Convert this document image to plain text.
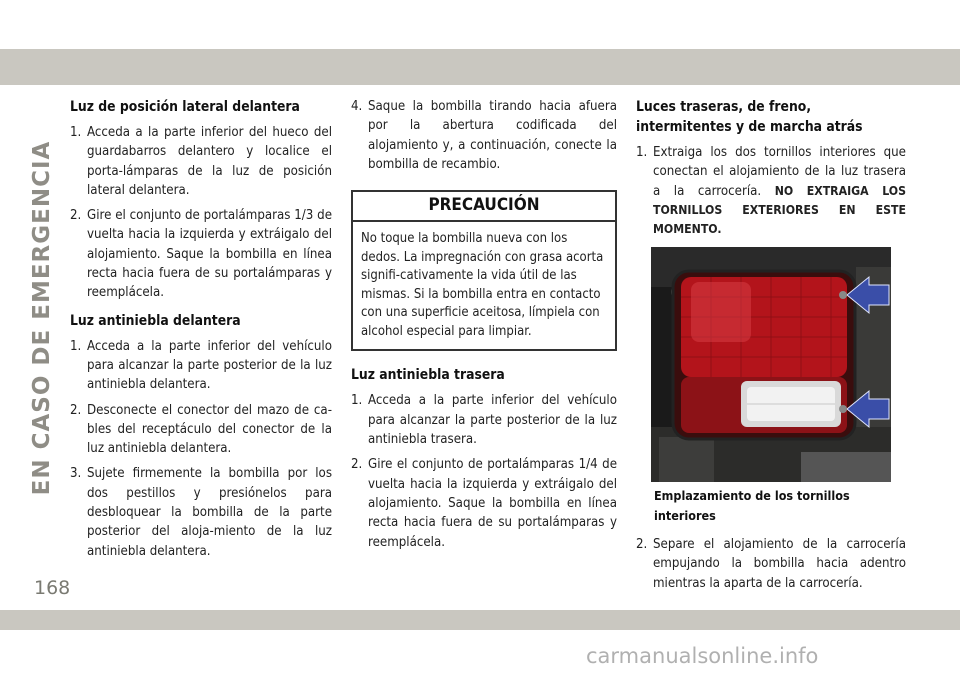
EN CASO DE EMERGENCIA
Luz de posición lateral delantera
1. Acceda a la parte inferior del hueco del guardabarros delantero y localice el porta-lámparas de la luz de posición lateral delantera.
2. Gire el conjunto de portalámparas 1/3 de vuelta hacia la izquierda y extráigalo del alojamiento. Saque la bombilla en línea recta hacia fuera de su portalámparas y reemplácela.
Luz antiniebla delantera
1. Acceda a la parte inferior del vehículo para alcanzar la parte posterior de la luz antiniebla delantera.
2. Desconecte el conector del mazo de ca-bles del receptáculo del conector de la luz antiniebla delantera.
3. Sujete firmemente la bombilla por los dos pestillos y presiónelos para desbloquear la bombilla de la parte posterior del aloja-miento de la luz antiniebla delantera.
4. Saque la bombilla tirando hacia afuera por la abertura codificada del alojamiento y, a continuación, conecte la bombilla de recambio.
PRECAUCIÓN
No toque la bombilla nueva con los dedos. La impregnación con grasa acorta signifi-cativamente la vida útil de las mismas. Si la bombilla entra en contacto con una superficie aceitosa, límpiela con alcohol especial para limpiar.
Luz antiniebla trasera
1. Acceda a la parte inferior del vehículo para alcanzar la parte posterior de la luz antiniebla trasera.
2. Gire el conjunto de portalámparas 1/4 de vuelta hacia la izquierda y extráigalo del alojamiento. Saque la bombilla en línea recta hacia fuera de su portalámparas y reemplácela.
Luces traseras, de freno, intermitentes y de marcha atrás
1. Extraiga los dos tornillos interiores que conectan el alojamiento de la luz trasera a la carrocería. NO EXTRAIGA LOS TORNILLOS EXTERIORES EN ESTE MOMENTO.
Emplazamiento de los tornillos interiores
2. Separe el alojamiento de la carrocería empujando la bombilla hacia adentro mientras la aparta de la carrocería.
168
carmanualsonline.info
